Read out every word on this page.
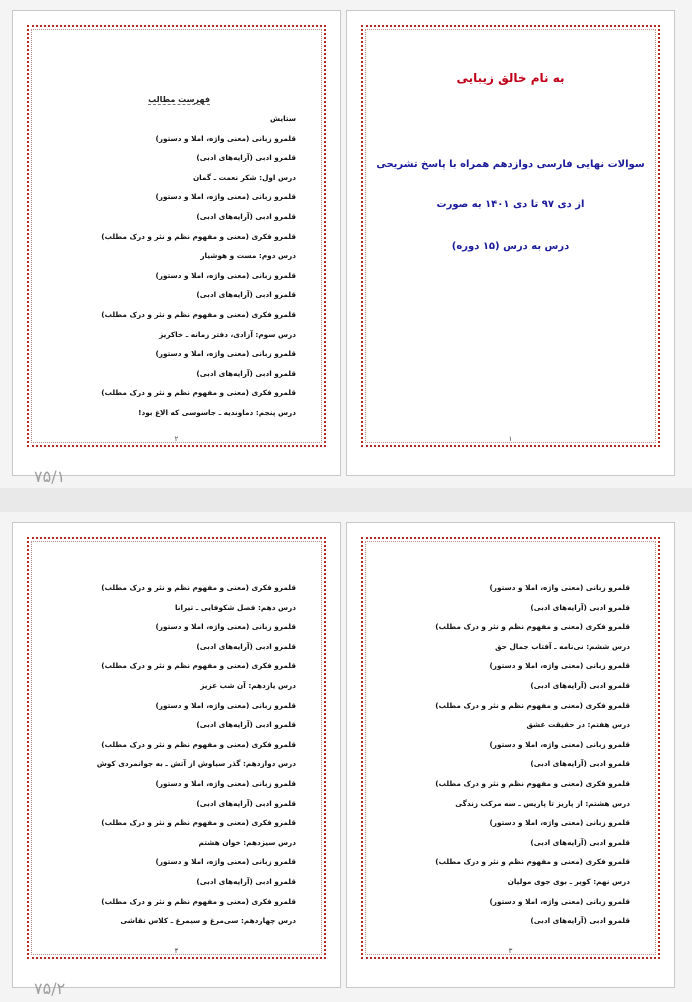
فهرست مطالب
ستایش
قلمرو زبانی (معنی واژه، املا و دستور)
قلمرو ادبی (آرایه‌های ادبی)
درس اول: شکر نعمت ـ گمان
قلمرو زبانی (معنی واژه، املا و دستور)
قلمرو ادبی (آرایه‌های ادبی)
قلمرو فکری (معنی و مفهوم نظم و نثر و درک مطلب)
درس دوم: مست و هوشیار
قلمرو زبانی (معنی واژه، املا و دستور)
قلمرو ادبی (آرایه‌های ادبی)
قلمرو فکری (معنی و مفهوم نظم و نثر و درک مطلب)
درس سوم: آزادی، دفتر زمانه ـ خاکریز
قلمرو زبانی (معنی واژه، املا و دستور)
قلمرو ادبی (آرایه‌های ادبی)
قلمرو فکری (معنی و مفهوم نظم و نثر و درک مطلب)
درس پنجم: دماوندیه ـ جاسوسی که الاغ بود!
۲
به نام خالق زیبایی
سوالات نهایی فارسی دوازدهم همراه با پاسخ تشریحی
از دی ۹۷ تا دی ۱۴۰۱ به صورت
درس به درس (۱۵ دوره)
۱
۷۵/۱
قلمرو فکری (معنی و مفهوم نظم و نثر و درک مطلب)
درس دهم: فصل شکوفایی ـ تیرانا
قلمرو زبانی (معنی واژه، املا و دستور)
قلمرو ادبی (آرایه‌های ادبی)
قلمرو فکری (معنی و مفهوم نظم و نثر و درک مطلب)
درس یازدهم: آن شب عزیز
قلمرو زبانی (معنی واژه، املا و دستور)
قلمرو ادبی (آرایه‌های ادبی)
قلمرو فکری (معنی و مفهوم نظم و نثر و درک مطلب)
درس دوازدهم: گذر سیاوش از آتش ـ به جوانمردی کوش
قلمرو زبانی (معنی واژه، املا و دستور)
قلمرو ادبی (آرایه‌های ادبی)
قلمرو فکری (معنی و مفهوم نظم و نثر و درک مطلب)
درس سیزدهم: خوان هشتم
قلمرو زبانی (معنی واژه، املا و دستور)
قلمرو ادبی (آرایه‌های ادبی)
قلمرو فکری (معنی و مفهوم نظم و نثر و درک مطلب)
درس چهاردهم: سی‌مرغ و سیمرغ ـ کلاس نقاشی
۴
قلمرو زبانی (معنی واژه، املا و دستور)
قلمرو ادبی (آرایه‌های ادبی)
قلمرو فکری (معنی و مفهوم نظم و نثر و درک مطلب)
درس ششم: نی‌نامه ـ آفتاب جمال حق
قلمرو زبانی (معنی واژه، املا و دستور)
قلمرو ادبی (آرایه‌های ادبی)
قلمرو فکری (معنی و مفهوم نظم و نثر و درک مطلب)
درس هفتم: در حقیقت عشق
قلمرو زبانی (معنی واژه، املا و دستور)
قلمرو ادبی (آرایه‌های ادبی)
قلمرو فکری (معنی و مفهوم نظم و نثر و درک مطلب)
درس هشتم: از پاریز تا پاریس ـ سه مرکب زندگی
قلمرو زبانی (معنی واژه، املا و دستور)
قلمرو ادبی (آرایه‌های ادبی)
قلمرو فکری (معنی و مفهوم نظم و نثر و درک مطلب)
درس نهم: کویر ـ بوی جوی مولیان
قلمرو زبانی (معنی واژه، املا و دستور)
قلمرو ادبی (آرایه‌های ادبی)
۳
۷۵/۲
